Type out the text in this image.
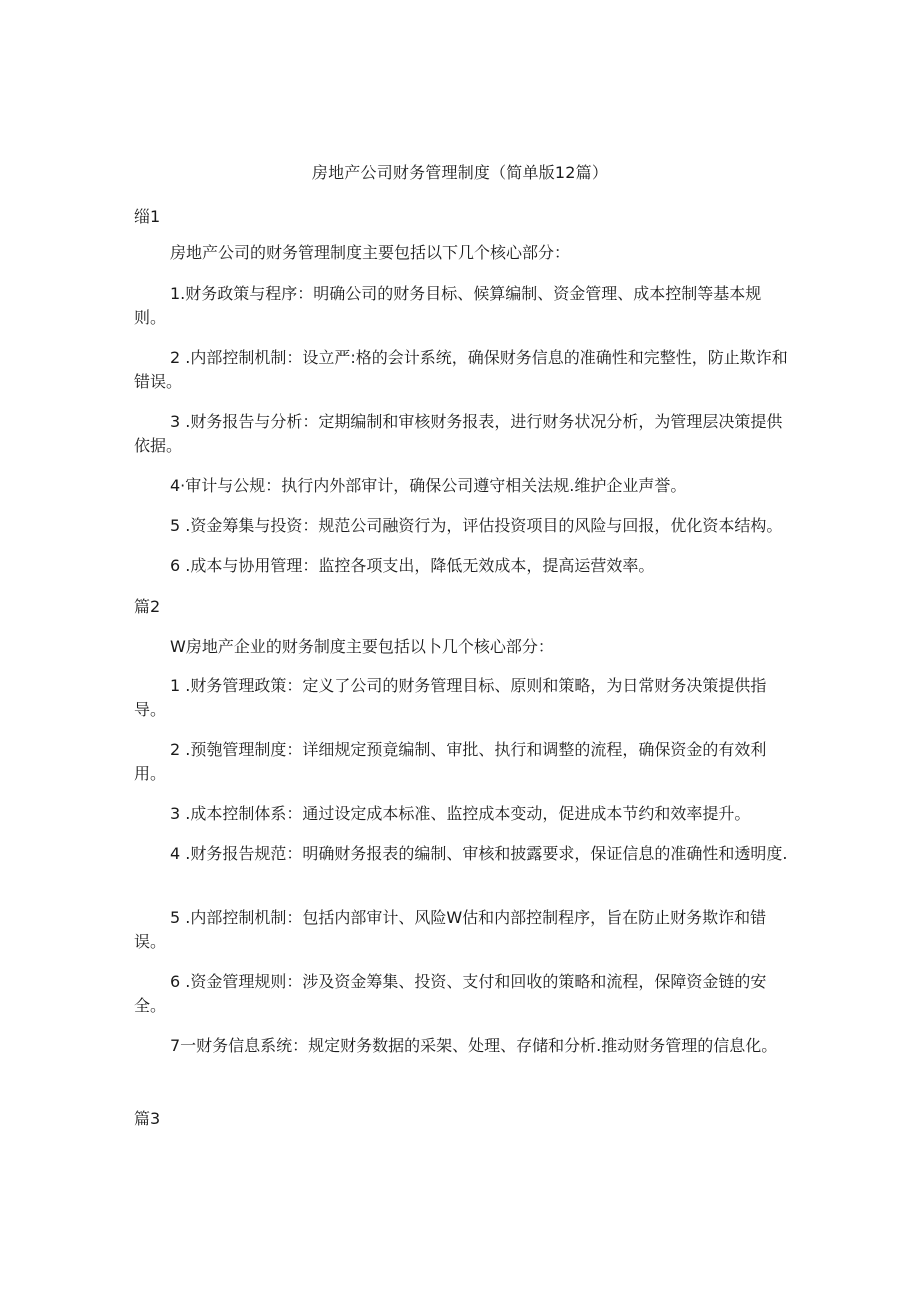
房地产公司财务管理制度（简单版12篇）
缁1
房地产公司的财务管理制度主要包括以下几个核心部分：

1.财务政策与程序：明确公司的财务目标、候算编制、资金管理、成本控制等基本规则。

2 .内部控制机制：设立严:格的会计系统，确保财务信息的准确性和完整性，防止欺诈和错误。

3 .财务报告与分析：定期编制和审核财务报表，进行财务状况分析，为管理层决策提供依据。

4·审计与公规：执行内外部审计，确保公司遵守相关法规.维护企业声誉。

5 .资金筹集与投资：规范公司融资行为，评估投资项目的风险与回报，优化资本结构。

6 .成本与协用管理：监控各项支出，降低无效成本，提高运营效率。

篇2
W房地产企业的财务制度主要包括以卜几个核心部分：

1 .财务管理政策：定义了公司的财务管理目标、原则和策略，为日常财务决策提供指导。

2 .预匏管理制度：详细规定预竟编制、审批、执行和调整的流程，确保资金的有效利用。

3 .成本控制体系：通过设定成本标准、监控成本变动，促进成本节约和效率提升。

4 .财务报告规范：明确财务报表的编制、审核和披露要求，保证信息的准确性和透明度.

5 .内部控制机制：包括内部审计、风险W估和内部控制程序，旨在防止财务欺诈和错误。

6 .资金管理规则：涉及资金筹集、投资、支付和回收的策略和流程，保障资金链的安全。

7一财务信息系统：规定财务数据的采架、处理、存储和分析.推动财务管理的信息化。

篇3
